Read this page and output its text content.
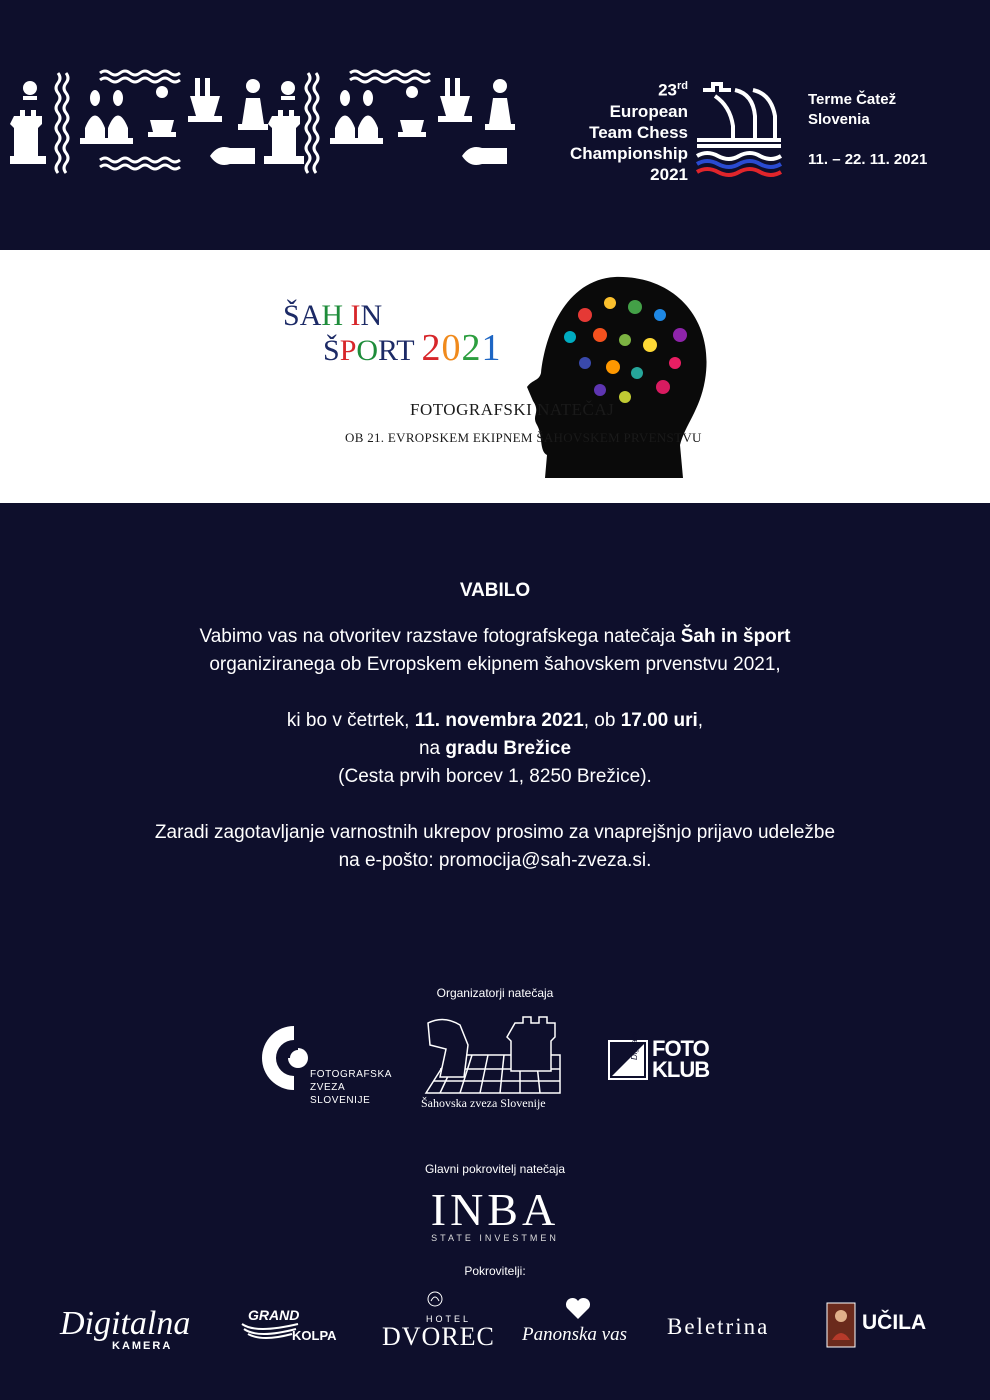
23rd
European
Team Chess
Championship
2021
Terme Čatež
Slovenia
11. – 22. 11. 2021
ŠAH IN
ŠPORT 2021
FOTOGRAFSKI NATEČAJ
OB 21. EVROPSKEM EKIPNEM ŠAHOVSKEM PRVENSTVU
VABILO

Vabimo vas na otvoritev razstave fotografskega natečaja Šah in šport

organiziranega ob Evropskem ekipnem šahovskem prvenstvu 2021,

ki bo v četrtek, 11. novembra 2021, ob 17.00 uri,

na gradu Brežice

(Cesta prvih borcev 1, 8250 Brežice).

Zaradi zagotavljanje varnostnih ukrepov prosimo za vnaprejšnjo prijavo udeležbe

na e-pošto: promocija@sah-zveza.si.

Organizatorji natečaja
FOTOGRAFSKA
ZVEZA
SLOVENIJE	Šahovska zveza Slovenije
FOTO
KLUB
Digitalni
Glavni pokrovitelj natečaja
INBA
STATE INVESTMEN
Pokrovitelji:
Digitalna
KAMERA
GRAND
KOLPA
HOTEL
DVOREC Panonska vas Beletrina	UČILA
